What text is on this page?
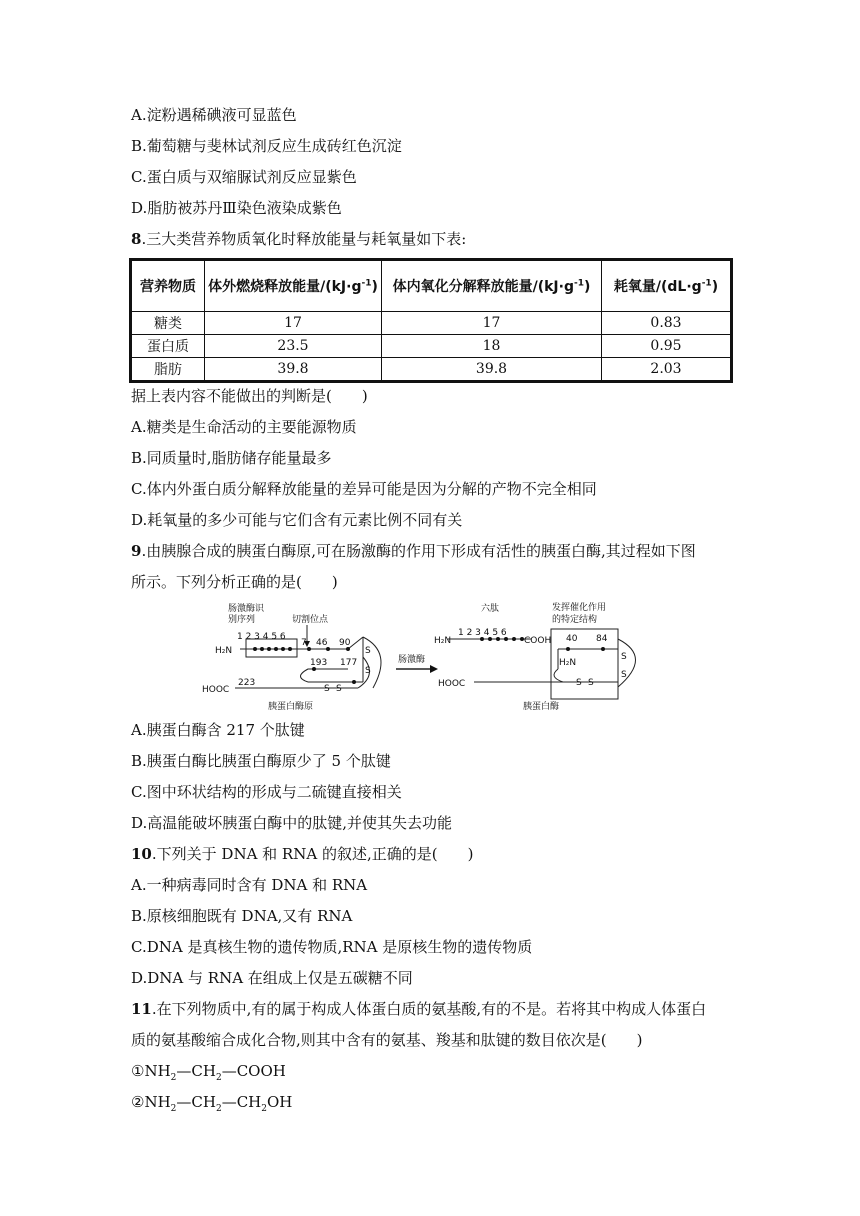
A.淀粉遇稀碘液可显蓝色
B.葡萄糖与斐林试剂反应生成砖红色沉淀
C.蛋白质与双缩脲试剂反应显紫色
D.脂肪被苏丹Ⅲ染色液染成紫色
8.三大类营养物质氧化时释放能量与耗氧量如下表:
营养物质	体外燃烧释放能量$/(kJ\cdot g^{-1})$	体内氧化分解释放能量$/(kJ\cdot g^{-1})$	耗氧量$/(dL\cdot g^{-1})$
糖类	17	17	0.83
蛋白质	23.5	18	0.95
脂肪	39.8	39.8	2.03
据上表内容不能做出的判断是(　　)
A.糖类是生命活动的主要能源物质
B.同质量时,脂肪储存能量最多
C.体内外蛋白质分解释放能量的差异可能是因为分解的产物不完全相同
D.耗氧量的多少可能与它们含有元素比例不同有关
9.由胰腺合成的胰蛋白酶原,可在肠激酶的作用下形成有活性的胰蛋白酶,其过程如下图
所示。下列分析正确的是(　　)
肠激酶识
别序列	切割位点
1 2 3 4 5 6
H₂N
7 46 90
193 177
223
HOOC
S
S
S S
肠激酶
胰蛋白酶原
六肽
1 2 3 4 5 6
H₂N	COOH
发挥催化作用
的特定结构
40 84
H₂N
S
S
S S
HOOC
胰蛋白酶
A.胰蛋白酶含 217 个肽键
B.胰蛋白酶比胰蛋白酶原少了 5 个肽键
C.图中环状结构的形成与二硫键直接相关
D.高温能破坏胰蛋白酶中的肽键,并使其失去功能
10.下列关于 DNA 和 RNA 的叙述,正确的是(　　)
A.一种病毒同时含有 DNA 和 RNA
B.原核细胞既有 DNA,又有 RNA
C.DNA 是真核生物的遗传物质,RNA 是原核生物的遗传物质
D.DNA 与 RNA 在组成上仅是五碳糖不同
11.在下列物质中,有的属于构成人体蛋白质的氨基酸,有的不是。若将其中构成人体蛋白
质的氨基酸缩合成化合物,则其中含有的氨基、羧基和肽键的数目依次是(　　)
$①NH_2—CH_2—COOH$
$②NH_2—CH_2—CH_2OH$
